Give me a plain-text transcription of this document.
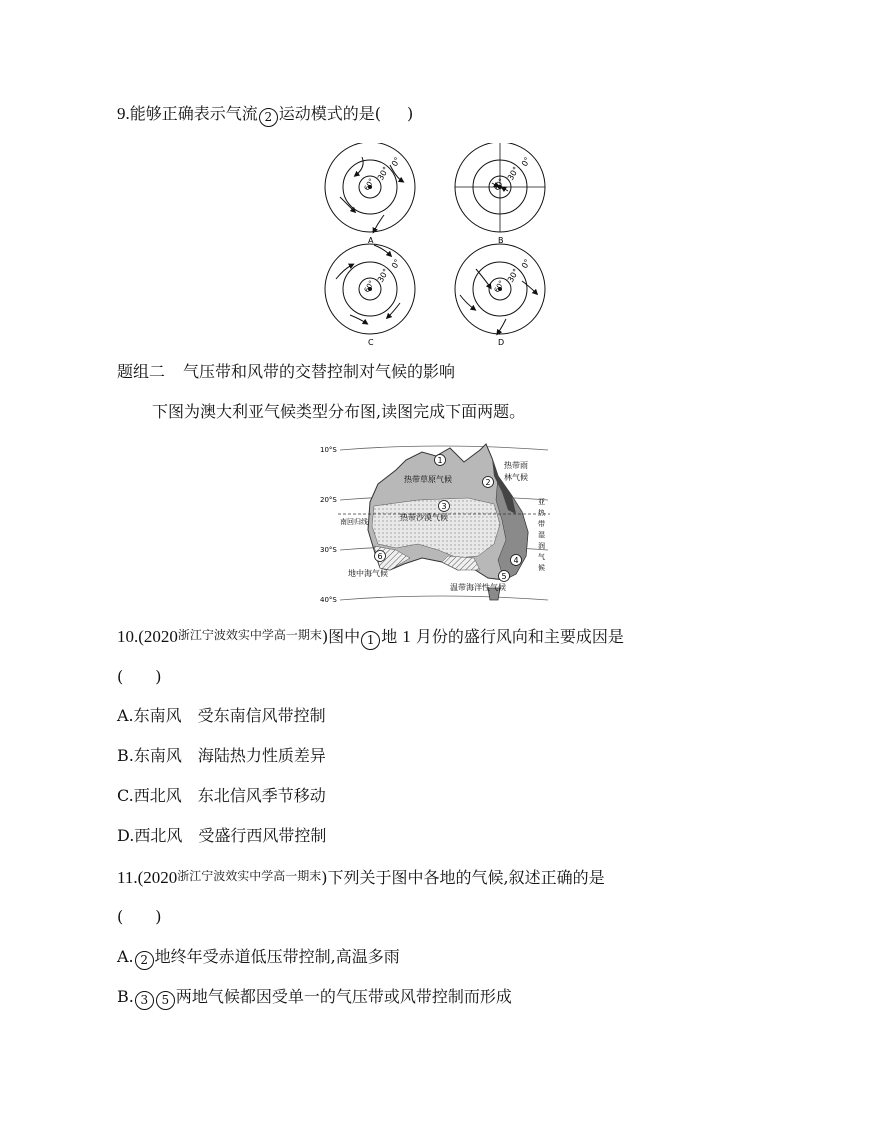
9.能够正确表示气流 2 运动模式的是( )
0°
30°
60°
A
0°
30°
60°
B
0°
30°
60°
C
0°
30°
60°
D
题组二 气压带和风带的交替控制对气候的影响
下图为澳大利亚气候类型分布图,读图完成下面两题。
10°S
20°S
30°S
40°S
热带草原气候
热带雨
林气候
热带沙漠气候
南回归线
亚
热
带
湿
润
气
候
地中海气候
温带海洋性气候
1
2
3
4
5
6
10.(2020浙江宁波效实中学高一期末)图中 1 地 1 月份的盛行风向和主要成因是
(　　)
A.东南风　受东南信风带控制
B.东南风　海陆热力性质差异
C.西北风　东北信风季节移动
D.西北风　受盛行西风带控制
11.(2020浙江宁波效实中学高一期末)下列关于图中各地的气候,叙述正确的是
(　　)
A. 2 地终年受赤道低压带控制,高温多雨
B. 3 5 两地气候都因受单一的气压带或风带控制而形成
